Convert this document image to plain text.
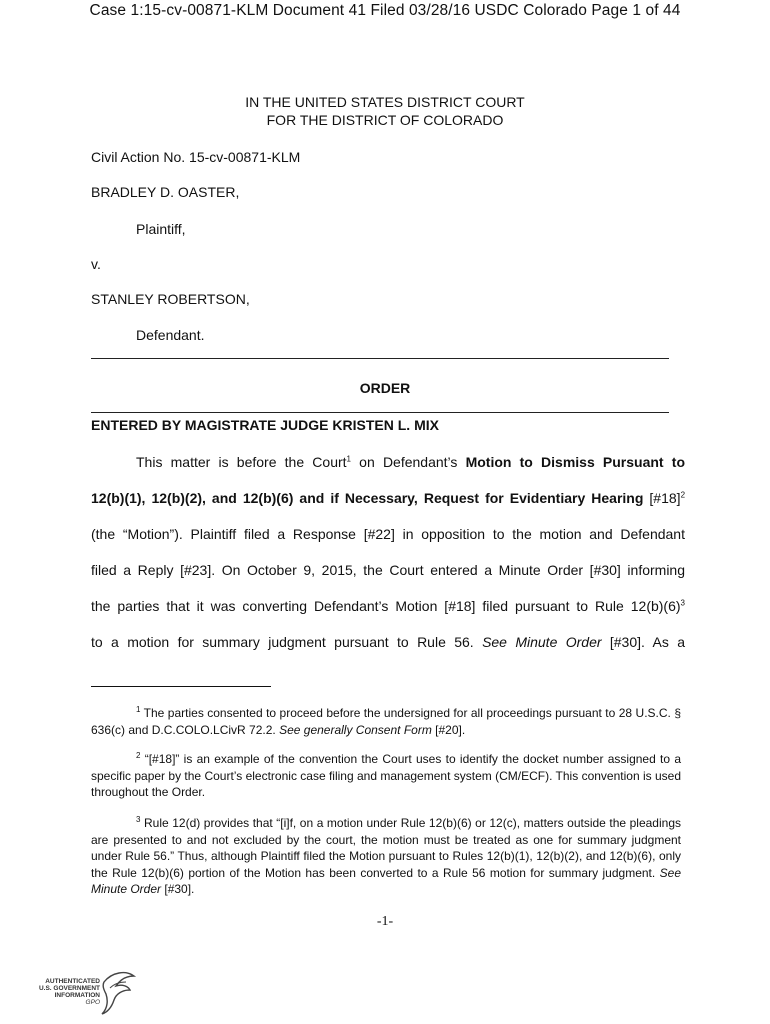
Case 1:15-cv-00871-KLM Document 41 Filed 03/28/16 USDC Colorado Page 1 of 44
IN THE UNITED STATES DISTRICT COURT
FOR THE DISTRICT OF COLORADO
Civil Action No. 15-cv-00871-KLM
BRADLEY D. OASTER,
Plaintiff,
v.
STANLEY ROBERTSON,
Defendant.
ORDER
ENTERED BY MAGISTRATE JUDGE KRISTEN L. MIX
This matter is before the Court$^1$ on Defendant’s Motion to Dismiss Pursuant to
12(b)(1), 12(b)(2), and 12(b)(6) and if Necessary, Request for Evidentiary Hearing [#18]$^2$
(the “Motion”). Plaintiff filed a Response [#22] in opposition to the motion and Defendant
filed a Reply [#23]. On October 9, 2015, the Court entered a Minute Order [#30] informing
the parties that it was converting Defendant’s Motion [#18] filed pursuant to Rule $12(b)(6)^3$
to a motion for summary judgment pursuant to Rule 56. See Minute Order [#30]. As a

$^1$ The parties consented to proceed before the undersigned for all proceedings pursuant to 28 U.S.C. § 636(c) and D.C.COLO.LCivR 72.2. See generally Consent Form [#20].

$^2$ “[#18]” is an example of the convention the Court uses to identify the docket number assigned to a specific paper by the Court’s electronic case filing and management system (CM/ECF). This convention is used throughout the Order.

$^3$ Rule 12(d) provides that “[i]f, on a motion under Rule 12(b)(6) or 12(c), matters outside the pleadings are presented to and not excluded by the court, the motion must be treated as one for summary judgment under Rule 56.” Thus, although Plaintiff filed the Motion pursuant to Rules 12(b)(1), 12(b)(2), and 12(b)(6), only the Rule 12(b)(6) portion of the Motion has been converted to a Rule 56 motion for summary judgment. See Minute Order [#30].

-1-
AUTHENTICATED
U.S. GOVERNMENT
INFORMATION
GPO
